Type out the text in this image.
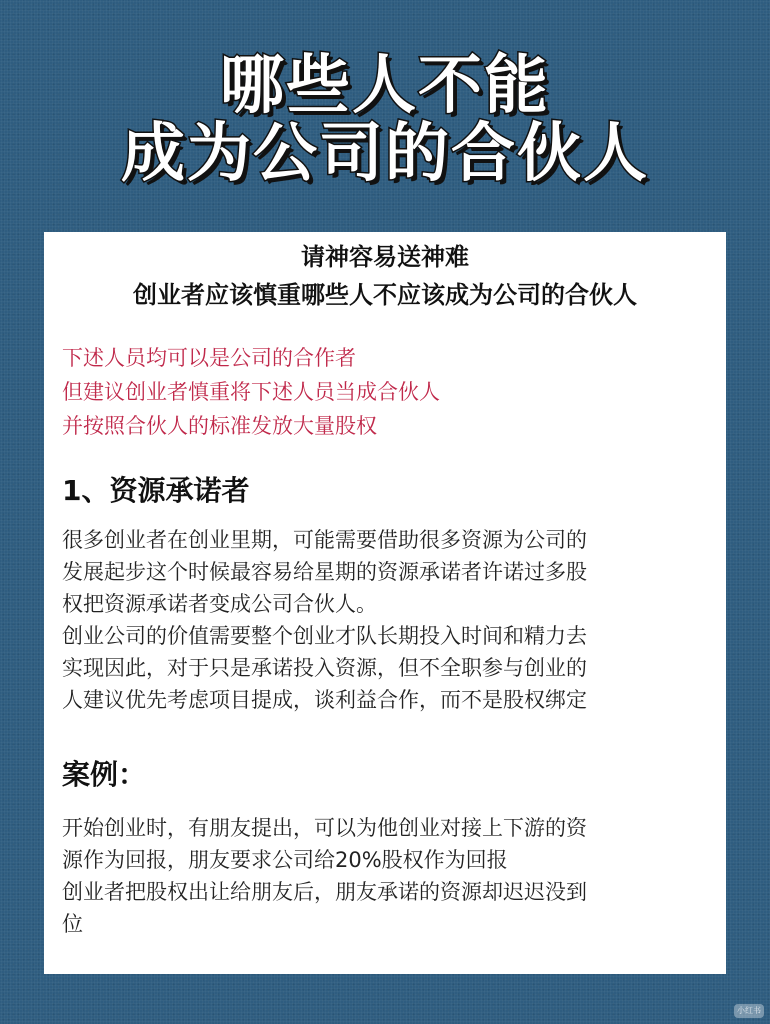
哪些人不能
成为公司的合伙人
请神容易送神难
创业者应该慎重哪些人不应该成为公司的合伙人
下述人员均可以是公司的合作者
但建议创业者慎重将下述人员当成合伙人
并按照合伙人的标准发放大量股权
1、资源承诺者
很多创业者在创业里期，可能需要借助很多资源为公司的
发展起步这个时候最容易给星期的资源承诺者许诺过多股
权把资源承诺者变成公司合伙人。
创业公司的价值需要整个创业才队长期投入时间和精力去
实现因此，对于只是承诺投入资源，但不全职参与创业的
人建议优先考虑项目提成，谈利益合作，而不是股权绑定
案例：
开始创业时，有朋友提出，可以为他创业对接上下游的资
源作为回报，朋友要求公司给20%股权作为回报
创业者把股权出让给朋友后，朋友承诺的资源却迟迟没到
位
小红书
